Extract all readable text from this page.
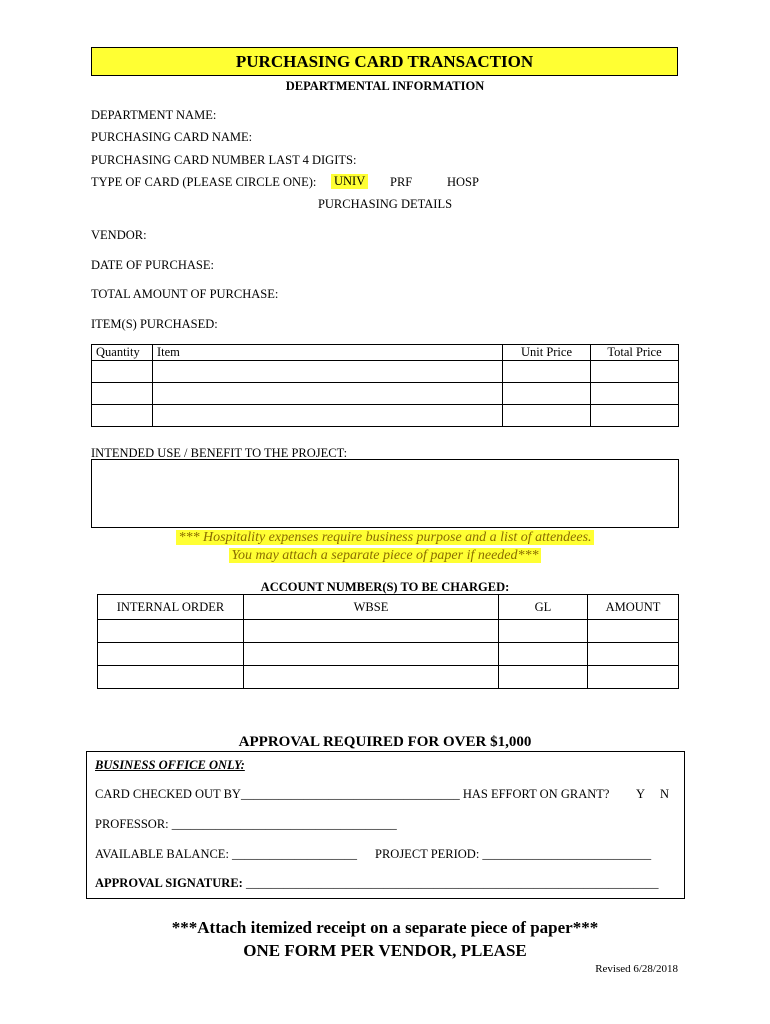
PURCHASING CARD TRANSACTION
DEPARTMENTAL INFORMATION
DEPARTMENT NAME:
PURCHASING CARD NAME:
PURCHASING CARD NUMBER LAST 4 DIGITS:
TYPE OF CARD (PLEASE CIRCLE ONE): UNIV PRF	HOSP
PURCHASING DETAILS
VENDOR:
DATE OF PURCHASE:
TOTAL AMOUNT OF PURCHASE:
ITEM(S) PURCHASED:
Quantity	Item	Unit Price	Total Price

INTENDED USE / BENEFIT TO THE PROJECT:
*** Hospitality expenses require business purpose and a list of attendees.
You may attach a separate piece of paper if needed***
ACCOUNT NUMBER(S) TO BE CHARGED:
INTERNAL ORDER	WBSE	GL	AMOUNT

APPROVAL REQUIRED FOR OVER $1,000
BUSINESS OFFICE ONLY:
CARD CHECKED OUT BY___________________________________ HAS EFFORT ON GRANT? Y N
PROFESSOR: ____________________________________
AVAILABLE BALANCE: ____________________ PROJECT PERIOD: ___________________________
APPROVAL SIGNATURE: __________________________________________________________________
***Attach itemized receipt on a separate piece of paper***
ONE FORM PER VENDOR, PLEASE
Revised 6/28/2018
